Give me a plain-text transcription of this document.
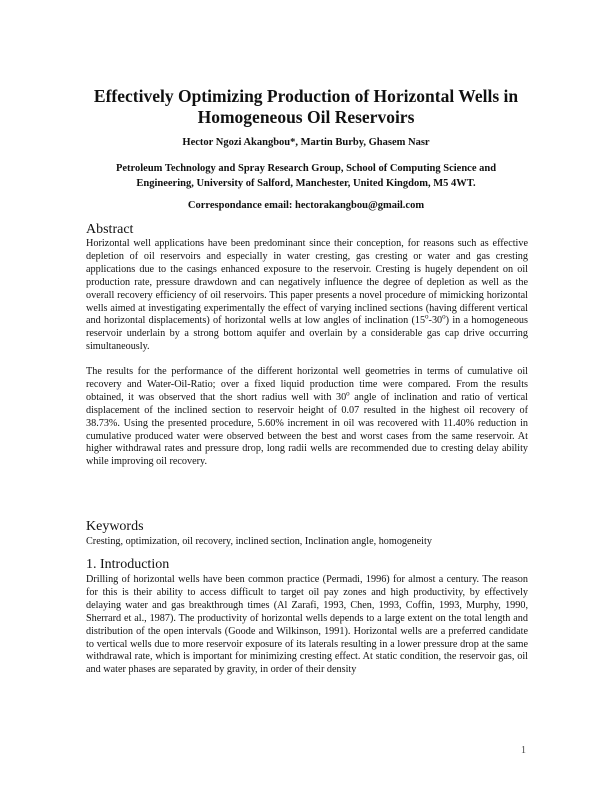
Effectively Optimizing Production of Horizontal Wells in
Homogeneous Oil Reservoirs
Hector Ngozi Akangbou*, Martin Burby, Ghasem Nasr
Petroleum Technology and Spray Research Group, School of Computing Science and
Engineering, University of Salford, Manchester, United Kingdom, M5 4WT.
Correspondance email: hectorakangbou@gmail.com
Abstract
Horizontal well applications have been predominant since their conception, for reasons such as effective depletion of oil reservoirs and especially in water cresting, gas cresting or water and gas cresting applications due to the casings enhanced exposure to the reservoir. Cresting is hugely dependent on oil production rate, pressure drawdown and can negatively influence the degree of depletion as well as the overall recovery efficiency of oil reservoirs. This paper presents a novel procedure of mimicking horizontal wells aimed at investigating experimentally the effect of varying inclined sections (having different vertical and horizontal displacements) of horizontal wells at low angles of inclination (15$^o$-30$^o$) in a homogeneous reservoir underlain by a strong bottom aquifer and overlain by a considerable gas cap drive occurring simultaneously.
The results for the performance of the different horizontal well geometries in terms of cumulative oil recovery and Water-Oil-Ratio; over a fixed liquid production time were compared. From the results obtained, it was observed that the short radius well with 30$^o$ angle of inclination and ratio of vertical displacement of the inclined section to reservoir height of 0.07 resulted in the highest oil recovery of 38.73%. Using the presented procedure, 5.60% increment in oil was recovered with 11.40% reduction in cumulative produced water were observed between the best and worst cases from the same reservoir. At higher withdrawal rates and pressure drop, long radii wells are recommended due to cresting delay ability while improving oil recovery.
Keywords
Cresting, optimization, oil recovery, inclined section, Inclination angle, homogeneity
1. Introduction
Drilling of horizontal wells have been common practice (Permadi, 1996) for almost a century. The reason for this is their ability to access difficult to target oil pay zones and high productivity, by effectively delaying water and gas breakthrough times (Al Zarafi, 1993, Chen, 1993, Coffin, 1993, Murphy, 1990, Sherrard et al., 1987). The productivity of horizontal wells depends to a large extent on the total length and distribution of the open intervals (Goode and Wilkinson, 1991). Horizontal wells are a preferred candidate to vertical wells due to more reservoir exposure of its laterals resulting in a lower pressure drop at the same withdrawal rate, which is important for minimizing cresting effect. At static condition, the reservoir gas, oil and water phases are separated by gravity, in order of their density
1
